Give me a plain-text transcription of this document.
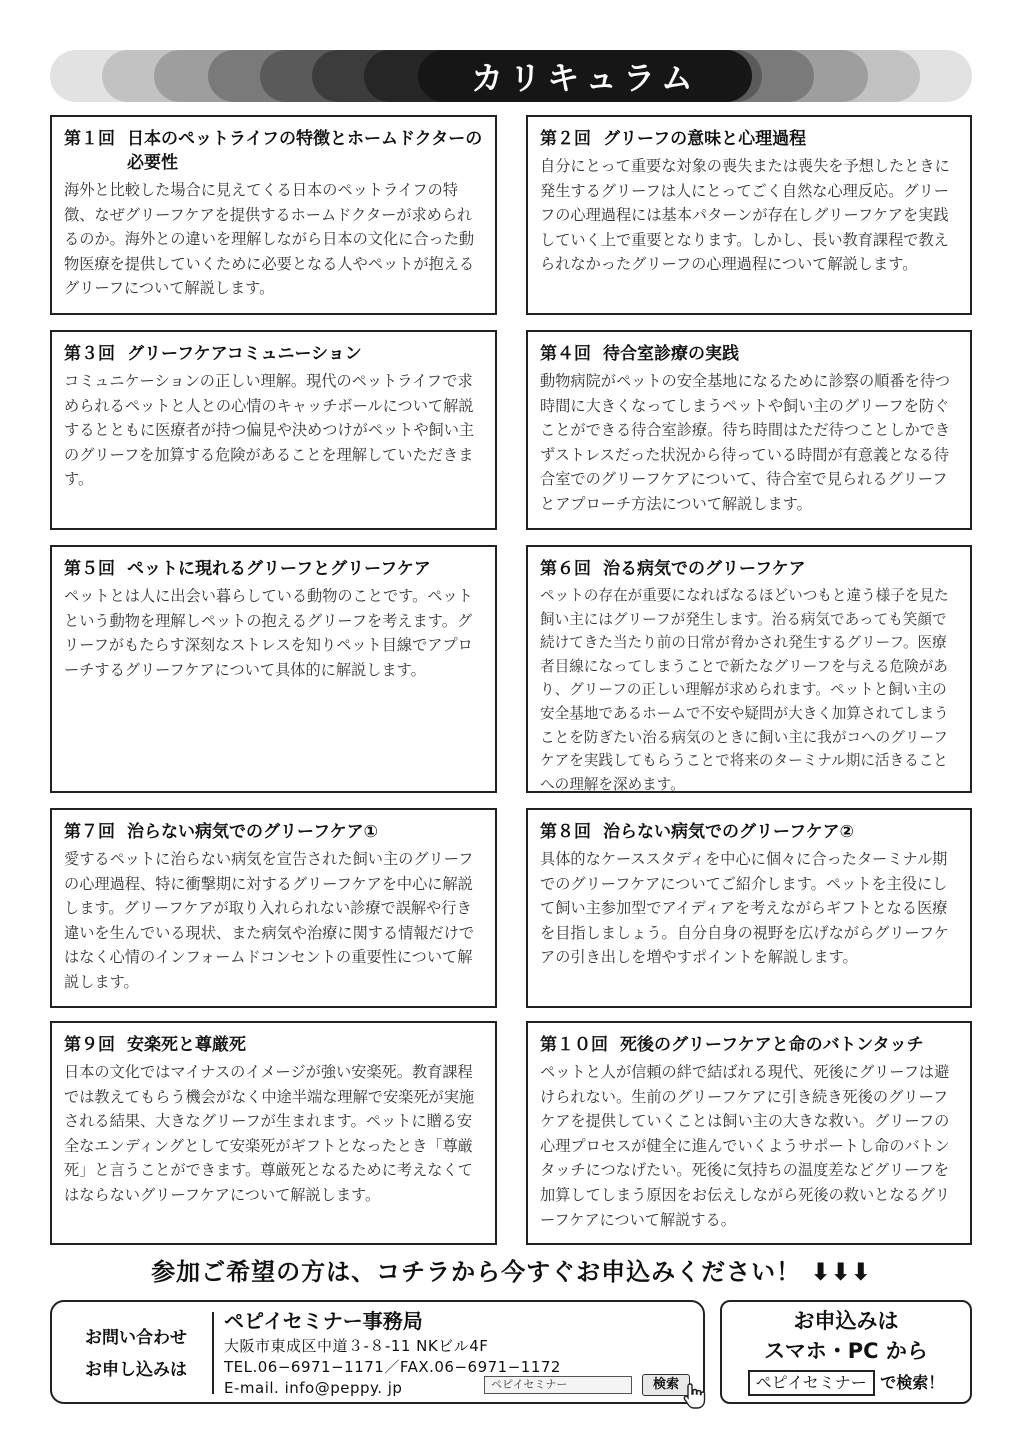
カリキュラム
第１回 日本のペットライフの特徴とホームドクターの必要性
海外と比較した場合に見えてくる日本のペットライフの特徴、なぜグリーフケアを提供するホームドクターが求められるのか。海外との違いを理解しながら日本の文化に合った動物医療を提供していくために必要となる人やペットが抱えるグリーフについて解説します。
第２回 グリーフの意味と心理過程
自分にとって重要な対象の喪失または喪失を予想したときに発生するグリーフは人にとってごく自然な心理反応。グリーフの心理過程には基本パターンが存在しグリーフケアを実践していく上で重要となります。しかし、長い教育課程で教えられなかったグリーフの心理過程について解説します。
第３回 グリーフケアコミュニーション
コミュニケーションの正しい理解。現代のペットライフで求められるペットと人との心情のキャッチボールについて解説するとともに医療者が持つ偏見や決めつけがペットや飼い主のグリーフを加算する危険があることを理解していただきます。
第４回 待合室診療の実践
動物病院がペットの安全基地になるために診察の順番を待つ時間に大きくなってしまうペットや飼い主のグリーフを防ぐことができる待合室診療。待ち時間はただ待つことしかできずストレスだった状況から待っている時間が有意義となる待合室でのグリーフケアについて、待合室で見られるグリーフとアプローチ方法について解説します。
第５回 ペットに現れるグリーフとグリーフケア
ペットとは人に出会い暮らしている動物のことです。ペットという動物を理解しペットの抱えるグリーフを考えます。グリーフがもたらす深刻なストレスを知りペット目線でアプローチするグリーフケアについて具体的に解説します。
第６回 治る病気でのグリーフケア
ペットの存在が重要になればなるほどいつもと違う様子を見た飼い主にはグリーフが発生します。治る病気であっても笑顔で続けてきた当たり前の日常が脅かされ発生するグリーフ。医療者目線になってしまうことで新たなグリーフを与える危険があり、グリーフの正しい理解が求められます。ペットと飼い主の安全基地であるホームで不安や疑問が大きく加算されてしまうことを防ぎたい治る病気のときに飼い主に我がコへのグリーフケアを実践してもらうことで将来のターミナル期に活きることへの理解を深めます。
第７回 治らない病気でのグリーフケア①
愛するペットに治らない病気を宣告された飼い主のグリーフの心理過程、特に衝撃期に対するグリーフケアを中心に解説します。グリーフケアが取り入れられない診療で誤解や行き違いを生んでいる現状、また病気や治療に関する情報だけではなく心情のインフォームドコンセントの重要性について解説します。
第８回 治らない病気でのグリーフケア②
具体的なケーススタディを中心に個々に合ったターミナル期でのグリーフケアについてご紹介します。ペットを主役にして飼い主参加型でアイディアを考えながらギフトとなる医療を目指しましょう。自分自身の視野を広げながらグリーフケアの引き出しを増やすポイントを解説します。
第９回 安楽死と尊厳死
日本の文化ではマイナスのイメージが強い安楽死。教育課程では教えてもらう機会がなく中途半端な理解で安楽死が実施される結果、大きなグリーフが生まれます。ペットに贈る安全なエンディングとして安楽死がギフトとなったとき「尊厳死」と言うことができます。尊厳死となるために考えなくてはならないグリーフケアについて解説します。
第１０回 死後のグリーフケアと命のバトンタッチ
ペットと人が信頼の絆で結ばれる現代、死後にグリーフは避けられない。生前のグリーフケアに引き続き死後のグリーフケアを提供していくことは飼い主の大きな救い。グリーフの心理プロセスが健全に進んでいくようサポートし命のバトンタッチにつなげたい。死後に気持ちの温度差などグリーフを加算してしまう原因をお伝えしながら死後の救いとなるグリーフケアについて解説する。
参加ご希望の方は、コチラから今すぐお申込みください！ ⬇⬇⬇
お問い合わせ
お申し込みは
ペピイセミナー事務局
大阪市東成区中道３-８-11 NKビル4F
TEL.06−6971−1171／FAX.06−6971−1172
E-mail. info@peppy. jp	ペピイセミナー	検索
お申込みは
スマホ・PC から
ペピイセミナー で検索！
